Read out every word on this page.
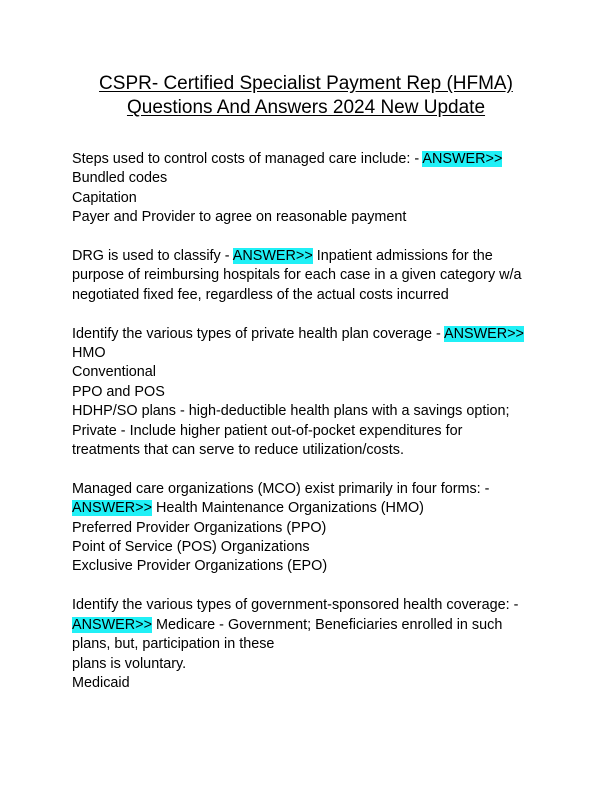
CSPR- Certified Specialist Payment Rep (HFMA)
Questions And Answers 2024 New Update
Steps used to control costs of managed care include: - ANSWER>>
Bundled codes
Capitation
Payer and Provider to agree on reasonable payment
DRG is used to classify - ANSWER>> Inpatient admissions for the
purpose of reimbursing hospitals for each case in a given category w/a
negotiated fixed fee, regardless of the actual costs incurred
Identify the various types of private health plan coverage - ANSWER>>
HMO
Conventional
PPO and POS
HDHP/SO plans - high-deductible health plans with a savings option;
Private - Include higher patient out-of-pocket expenditures for
treatments that can serve to reduce utilization/costs.
Managed care organizations (MCO) exist primarily in four forms: -
ANSWER>> Health Maintenance Organizations (HMO)
Preferred Provider Organizations (PPO)
Point of Service (POS) Organizations
Exclusive Provider Organizations (EPO)
Identify the various types of government-sponsored health coverage: -
ANSWER>> Medicare - Government; Beneficiaries enrolled in such
plans, but, participation in these
plans is voluntary.
Medicaid
